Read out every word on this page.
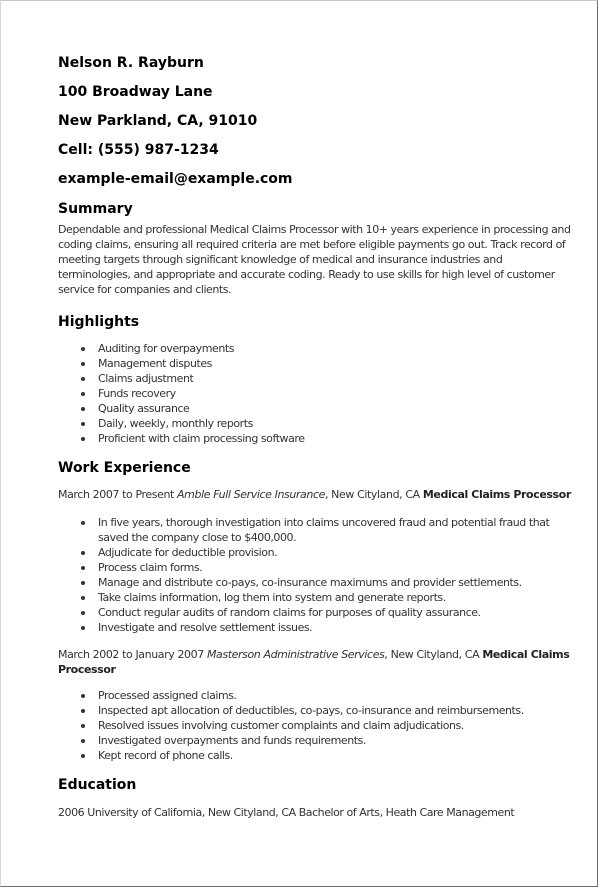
Nelson R. Rayburn
100 Broadway Lane
New Parkland, CA, 91010
Cell: (555) 987-1234
example-email@example.com
Summary

Dependable and professional Medical Claims Processor with 10+ years experience in processing and coding claims, ensuring all required criteria are met before eligible payments go out. Track record of meeting targets through significant knowledge of medical and insurance industries and terminologies, and appropriate and accurate coding. Ready to use skills for high level of customer service for companies and clients.

Highlights
Auditing for overpayments
Management disputes
Claims adjustment
Funds recovery
Quality assurance
Daily, weekly, monthly reports
Proficient with claim processing software
Work Experience

March 2007 to Present Amble Full Service Insurance, New Cityland, CA Medical Claims Processor

In five years, thorough investigation into claims uncovered fraud and potential fraud that saved the company close to $400,000.
Adjudicate for deductible provision.
Process claim forms.
Manage and distribute co-pays, co-insurance maximums and provider settlements.
Take claims information, log them into system and generate reports.
Conduct regular audits of random claims for purposes of quality assurance.
Investigate and resolve settlement issues.

March 2002 to January 2007 Masterson Administrative Services, New Cityland, CA Medical Claims Processor

Processed assigned claims.
Inspected apt allocation of deductibles, co-pays, co-insurance and reimbursements.
Resolved issues involving customer complaints and claim adjudications.
Investigated overpayments and funds requirements.
Kept record of phone calls.
Education

2006 University of California, New Cityland, CA Bachelor of Arts, Heath Care Management
